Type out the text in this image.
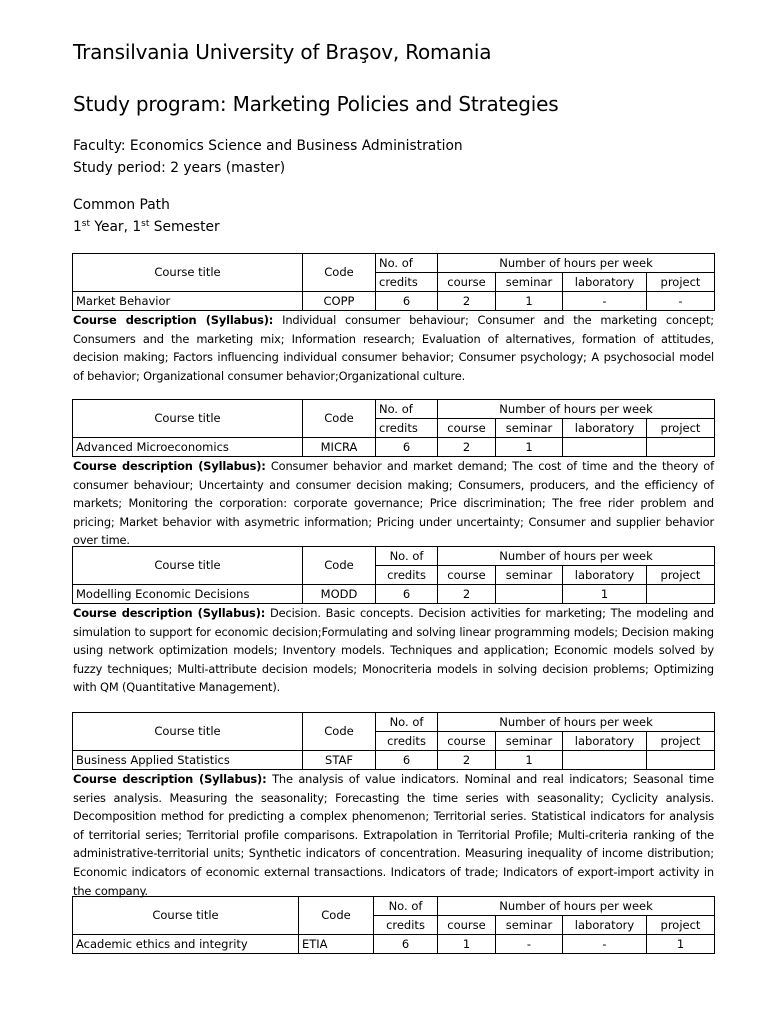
Transilvania University of Braşov, Romania
Study program: Marketing Policies and Strategies
Faculty: Economics Science and Business Administration
Study period: 2 years (master)
Common Path
1st Year, 1st Semester
Course title	Code	No. of	Number of hours per week			
		credits	course	seminar	laboratory	project
Market Behavior	COPP	6	2	1	-	-
Course description (Syllabus): Individual consumer behaviour; Consumer and the marketing concept; Consumers and the marketing mix; Information research; Evaluation of alternatives, formation of attitudes, decision making; Factors influencing individual consumer behavior; Consumer psychology; A psychosocial model of behavior; Organizational consumer behavior;Organizational culture.
Course title	Code	No. of	Number of hours per week			
		credits	course	seminar	laboratory	project
Advanced Microeconomics	MICRA	6	2	1		
Course description (Syllabus): Consumer behavior and market demand; The cost of time and the theory of consumer behaviour; Uncertainty and consumer decision making; Consumers, producers, and the efficiency of markets; Monitoring the corporation: corporate governance; Price discrimination; The free rider problem and pricing; Market behavior with asymetric information; Pricing under uncertainty; Consumer and supplier behavior over time.
Course title	Code	No. of	Number of hours per week			
		credits	course	seminar	laboratory	project
Modelling Economic Decisions	MODD	6	2		1	
Course description (Syllabus): Decision. Basic concepts. Decision activities for marketing; The modeling and simulation to support for economic decision;Formulating and solving linear programming models; Decision making using network optimization models; Inventory models. Techniques and application; Economic models solved by fuzzy techniques; Multi-attribute decision models; Monocriteria models in solving decision problems; Optimizing with QM (Quantitative Management).
Course title	Code	No. of	Number of hours per week			
		credits	course	seminar	laboratory	project
Business Applied Statistics	STAF	6	2	1		
Course description (Syllabus): The analysis of value indicators. Nominal and real indicators; Seasonal time series analysis. Measuring the seasonality; Forecasting the time series with seasonality; Cyclicity analysis. Decomposition method for predicting a complex phenomenon; Territorial series. Statistical indicators for analysis of territorial series; Territorial profile comparisons. Extrapolation in Territorial Profile; Multi-criteria ranking of the administrative-territorial units; Synthetic indicators of concentration. Measuring inequality of income distribution; Economic indicators of economic external transactions. Indicators of trade; Indicators of export-import activity in the company.
Course title	Code	No. of	Number of hours per week			
		credits	course	seminar	laboratory	project
Academic ethics and integrity	ETIA	6	1	-	-	1
